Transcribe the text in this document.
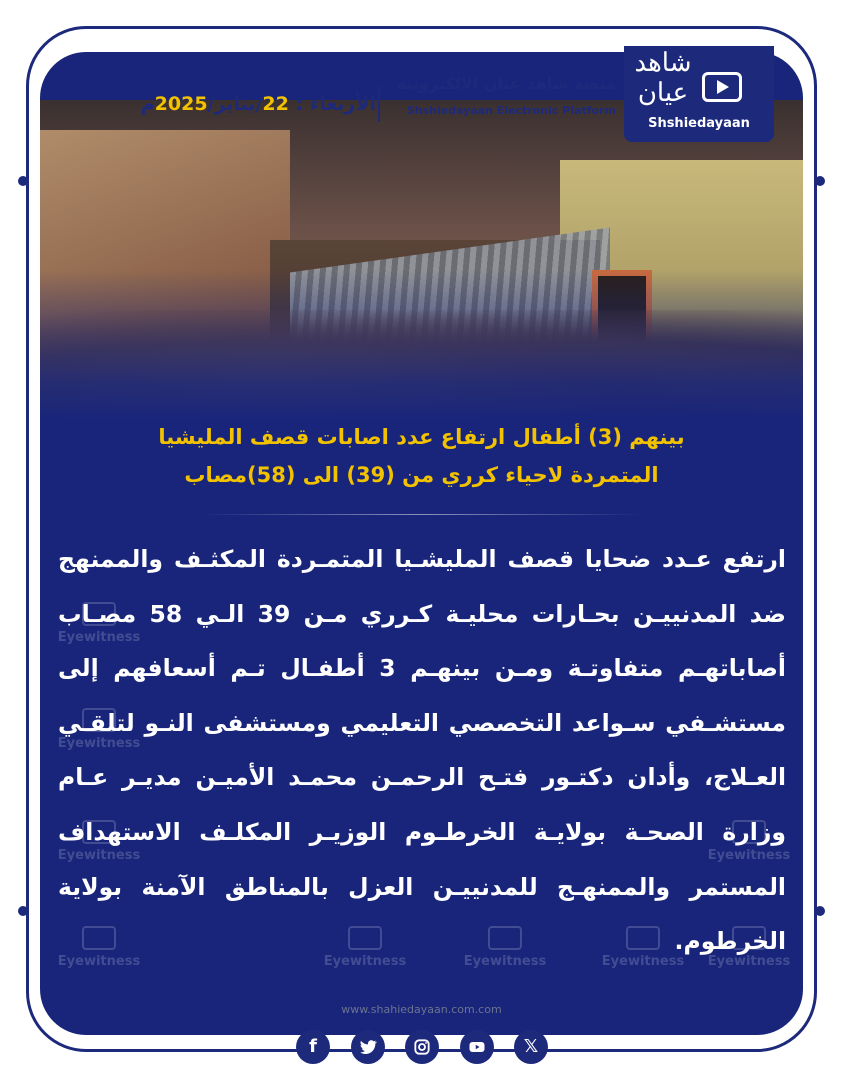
الأربعاء : 22/يناير/2025م
منصة شاهد عيان الالكترونية
Shshiedayaan Electronic Platform
شاهد عيان
Shshiedayaan
بينهم (3) أطفال ارتفاع عدد اصابات قصف المليشيا
المتمردة لاحياء كرري من (39) الى (58)مصاب
Eyewitness
Eyewitness
Eyewitness
Eyewitness	Eyewitness	Eyewitness	Eyewitness
Eyewitness
Eyewitness
ارتفع عـدد ضحايا قصف المليشـيا المتمـردة المكثـف والممنهج ضد المدنييـن بحـارات محليـة كـرري مـن 39 الـي 58 مصـاب أصاباتهـم متفاوتـة ومـن بينهـم 3 أطفـال تـم أسعافهم إلى مستشـفي سـواعد التخصصي التعليمي ومستشفى النـو لتلقـي العـلاج، وأدان دكتـور فتـح الرحمـن محمـد الأميـن مديـر عـام وزارة الصحـة بولايـة الخرطـوم الوزيـر المكلـف الاستهداف المستمر والممنهـج للمدنييـن العزل بالمناطق الآمنة بولاية الخرطوم.
www.shahiedayaan.com.com
f	𝕏
